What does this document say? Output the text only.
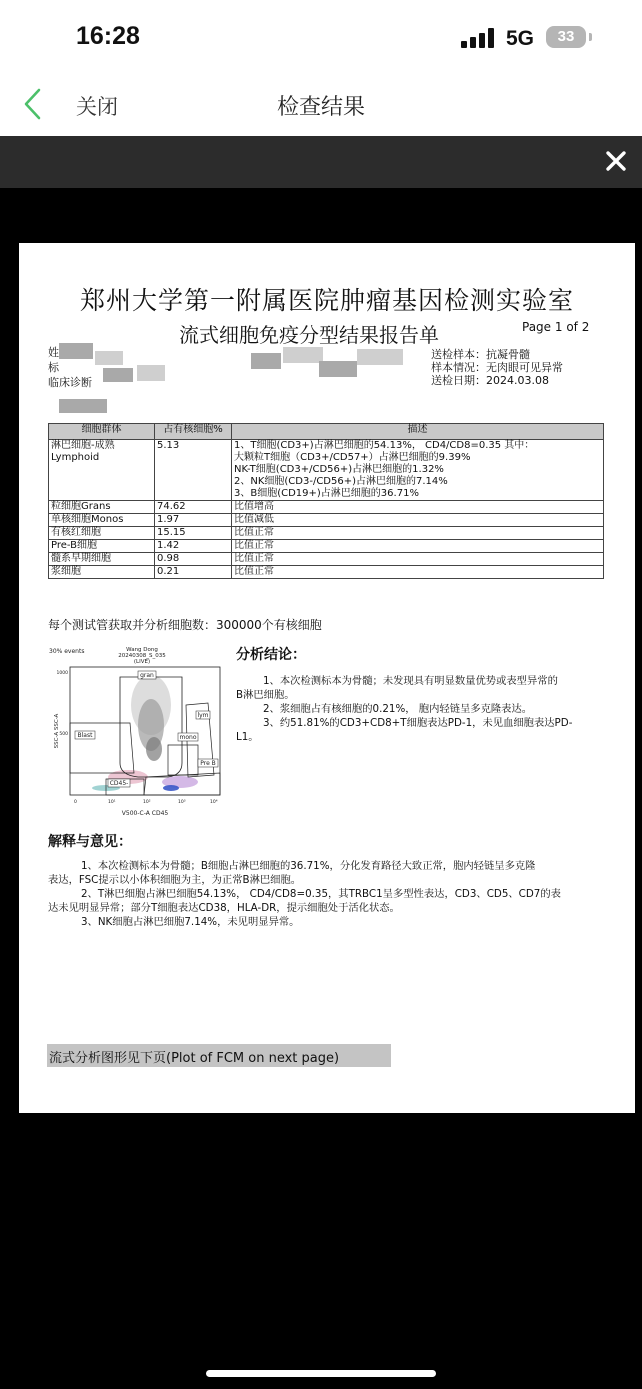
16:28	5G	33
关闭	检查结果
郑州大学第一附属医院肿瘤基因检测实验室
流式细胞免疫分型结果报告单	Page 1 of 2
姓
标
临床诊断
送检样本：抗凝骨髓
样本情况：无肉眼可见异常
送检日期：2024.03.08
细胞群体	占有核细胞%	描述

淋巴细胞-成熟
Lymphoid	5.13	1、T细胞(CD3+)占淋巴细胞的54.13%， CD4/CD8=0.35 其中：
大颗粒T细胞（CD3+/CD57+）占淋巴细胞的9.39%
NK-T细胞(CD3+/CD56+)占淋巴细胞的1.32%
2、NK细胞(CD3-/CD56+)占淋巴细胞的7.14%
3、B细胞(CD19+)占淋巴细胞的36.71%

粒细胞Grans	74.62	比值增高
单核细胞Monos	1.97	比值减低
有核红细胞	15.15	比值正常
Pre-B细胞	1.42	比值正常
髓系早期细胞	0.98	比值正常
浆细胞	0.21	比值正常
每个测试管获取并分析细胞数：300000个有核细胞
30% events	Wang Dong
20240308_S_035
(LIVE)
gran
lym
mono
Blast
Pre B
CD45-
SSC-A SSC-A
1000
500
0	10¹	10²	10³	10⁴
V500-C-A CD45
分析结论：
1、本次检测标本为骨髓；未发现具有明显数量优势或表型异常的
B淋巴细胞。
2、浆细胞占有核细胞的0.21%， 胞内轻链呈多克隆表达。
3、约51.81%的CD3+CD8+T细胞表达PD-1，未见血细胞表达PD-
L1。
解释与意见：
1、本次检测标本为骨髓；B细胞占淋巴细胞的36.71%，分化发育路径大致正常，胞内轻链呈多克隆
表达，FSC提示以小体积细胞为主，为正常B淋巴细胞。
2、T淋巴细胞占淋巴细胞54.13%， CD4/CD8=0.35，其TRBC1呈多型性表达，CD3、CD5、CD7的表
达未见明显异常；部分T细胞表达CD38，HLA-DR，提示细胞处于活化状态。
3、NK细胞占淋巴细胞7.14%，未见明显异常。
流式分析图形见下页(Plot of FCM on next page)
